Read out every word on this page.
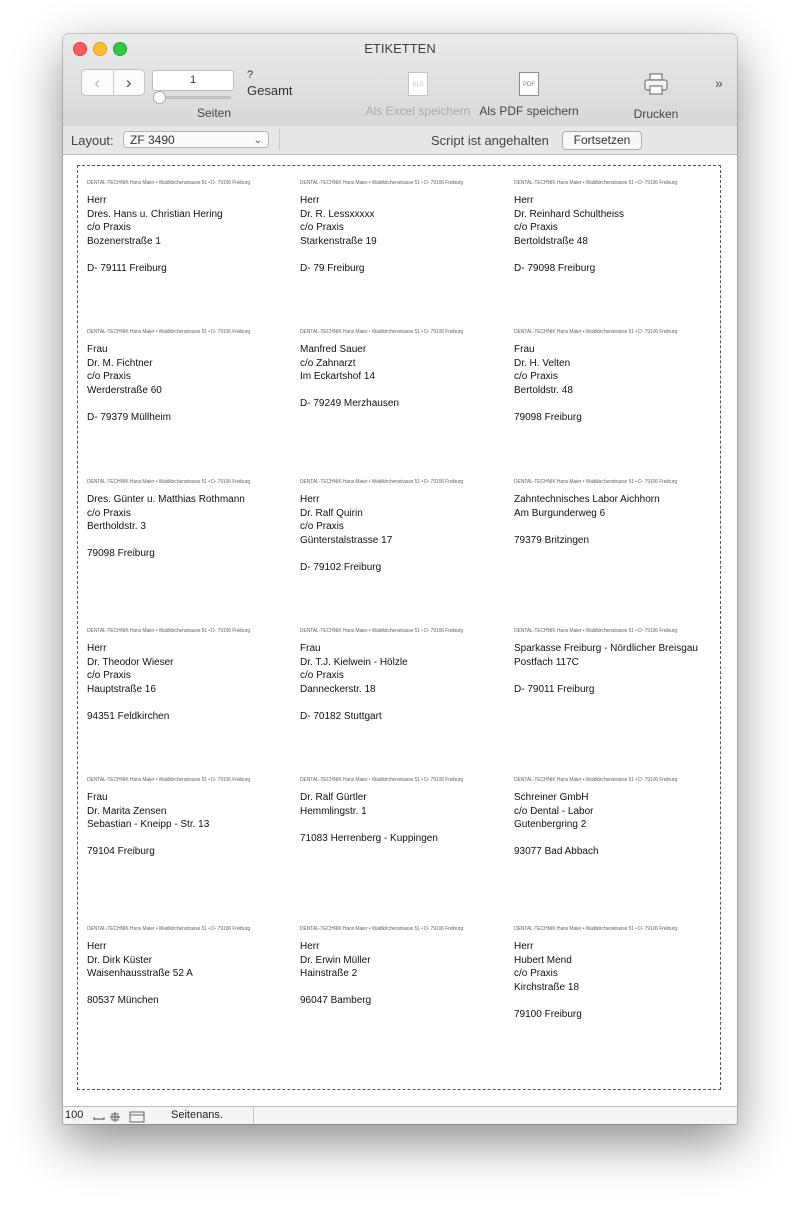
ETIKETTEN
‹	›	1	?
Gesamt
Seiten
XLS
Als Excel speichern
PDF
Als PDF speichern	Drucken
»
Layout:	ZF 3490	⌄	Script ist angehalten	Fortsetzen
DENTAL-TECHNIK Hans Maier • Waldkirchenstrasse 51 • D- 79106 Freiburg
Herr
Dres. Hans u. Christian Hering
c/o Praxis
Bozenerstraße 1
D- 79111 Freiburg
DENTAL-TECHNIK Hans Maier • Waldkirchenstrasse 51 • D- 79106 Freiburg
Herr
Dr. R. Lessxxxxx
c/o Praxis
Starkenstraße 19
D- 79 Freiburg
DENTAL-TECHNIK Hans Maier • Waldkirchenstrasse 51 • D- 79106 Freiburg
Herr
Dr. Reinhard Schultheiss
c/o Praxis
Bertoldstraße 48
D- 79098 Freiburg
DENTAL-TECHNIK Hans Maier • Waldkirchenstrasse 51 • D- 79106 Freiburg
Frau
Dr. M. Fichtner
c/o Praxis
Werderstraße 60
D- 79379 Müllheim
DENTAL-TECHNIK Hans Maier • Waldkirchenstrasse 51 • D- 79106 Freiburg
Manfred Sauer
c/o Zahnarzt
Im Eckartshof 14
D- 79249 Merzhausen
DENTAL-TECHNIK Hans Maier • Waldkirchenstrasse 51 • D- 79106 Freiburg
Frau
Dr. H. Velten
c/o Praxis
Bertoldstr. 48
79098 Freiburg
DENTAL-TECHNIK Hans Maier • Waldkirchenstrasse 51 • D- 79106 Freiburg
Dres. Günter u. Matthias Rothmann
c/o Praxis
Bertholdstr. 3
79098 Freiburg
DENTAL-TECHNIK Hans Maier • Waldkirchenstrasse 51 • D- 79106 Freiburg
Herr
Dr. Ralf Quirin
c/o Praxis
Günterstalstrasse 17
D- 79102 Freiburg
DENTAL-TECHNIK Hans Maier • Waldkirchenstrasse 51 • D- 79106 Freiburg
Zahntechnisches Labor Aichhorn
Am Burgunderweg 6
79379 Britzingen
DENTAL-TECHNIK Hans Maier • Waldkirchenstrasse 51 • D- 79106 Freiburg
Herr
Dr. Theodor Wieser
c/o Praxis
Hauptstraße 16
94351 Feldkirchen
DENTAL-TECHNIK Hans Maier • Waldkirchenstrasse 51 • D- 79106 Freiburg
Frau
Dr. T.J. Kielwein - Hölzle
c/o Praxis
Danneckerstr. 18
D- 70182 Stuttgart
DENTAL-TECHNIK Hans Maier • Waldkirchenstrasse 51 • D- 79106 Freiburg
Sparkasse Freiburg - Nördlicher Breisgau
Postfach 117C
D- 79011 Freiburg
DENTAL-TECHNIK Hans Maier • Waldkirchenstrasse 51 • D- 79106 Freiburg
Frau
Dr. Marita Zensen
Sebastian - Kneipp - Str. 13
79104 Freiburg
DENTAL-TECHNIK Hans Maier • Waldkirchenstrasse 51 • D- 79106 Freiburg
Dr. Ralf Gürtler
Hemmlingstr. 1
71083 Herrenberg - Kuppingen
DENTAL-TECHNIK Hans Maier • Waldkirchenstrasse 51 • D- 79106 Freiburg
Schreiner GmbH
c/o Dental - Labor
Gutenbergring 2
93077 Bad Abbach
DENTAL-TECHNIK Hans Maier • Waldkirchenstrasse 51 • D- 79106 Freiburg
Herr
Dr. Dirk Küster
Waisenhausstraße 52 A
80537 München
DENTAL-TECHNIK Hans Maier • Waldkirchenstrasse 51 • D- 79106 Freiburg
Herr
Dr. Erwin Müller
Hainstraße 2
96047 Bamberg
DENTAL-TECHNIK Hans Maier • Waldkirchenstrasse 51 • D- 79106 Freiburg
Herr
Hubert Mend
c/o Praxis
Kirchstraße 18
79100 Freiburg
100	Seitenans.
